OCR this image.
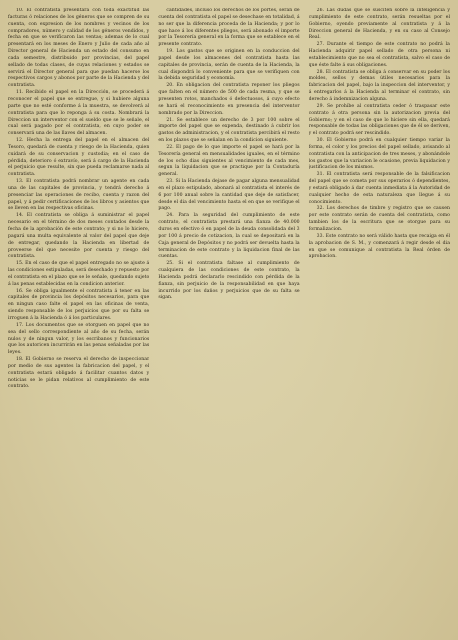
10. El contratista presentará con toda exactitud las facturas ó relaciones de los géneros que se compren de su cuenta, con expresion de los nombres y vecinos de los compradores, número y calidad de los géneros vendidos, y fecha en que se verificaron las ventas; ademas de lo cual presentará en los meses de Enero y Julio de cada año al Director general de Hacienda un estado del consumo en cada semestre, distribuido por provincias, del papel sellado de todas clases, de cuyas relaciones y estados se servirá el Director general para que puedan hacerse los respectivos cargos y abonos por parte de la Hacienda y del contratista.

11. Recibido el papel en la Dirección, se procederá á reconocer el papel que se entregue, y si hubiere alguna parte que no esté conforme á la muestra, se devolverá al contratista para que lo reponga á su costa. Nombrará la Direccion un interventor con el sueldo que se le señale, el cual será pagado por el contratista, en cuyo poder se conservará una de las llaves del almacen.

12. Hecha la entrega del papel en el almacen del Tesoro, quedará de cuenta y riesgo de la Hacienda, quien cuidará de su conservacion y custodia; en el caso de pérdida, deterioro ó extravío, será á cargo de la Hacienda el perjuicio que resulte, sin que pueda reclamarse nada al contratista.

13. El contratista podrá nombrar un agente en cada una de las capitales de provincia, y tendrá derecho á presenciar las operaciones de recibo, cuenta y razon del papel, y á pedir certificaciones de los libros y asientos que se lleven en las respectivas oficinas.

14. El contratista se obliga á suministrar el papel necesario en el término de dos meses contados desde la fecha de la aprobación de este contrato; y si no lo hiciere, pagará una multa equivalente al valor del papel que deje de entregar, quedando la Hacienda en libertad de proveerse del que necesite por cuenta y riesgo del contratista.

15. En el caso de que el papel entregado no se ajuste á las condiciones estipuladas, será desechado y repuesto por el contratista en el plazo que se le señale, quedando sujeto á las penas establecidas en la condicion anterior.

16. Se obliga igualmente el contratista á tener en las capitales de provincia los depósitos necesarios, para que en ningun caso falte el papel en las oficinas de venta, siendo responsable de los perjuicios que por su falta se irroguen á la Hacienda ó á los particulares.

17. Los documentos que se otorguen en papel que no sea del sello correspondiente al año de su fecha, serán nulos y de ningun valor, y los escribanos y funcionarios que los autoricen incurrirán en las penas señaladas por las leyes.

18. El Gobierno se reserva el derecho de inspeccionar por medio de sus agentes la fabricacion del papel, y el contratista estará obligado á facilitar cuantos datos y noticias se le pidan relativos al cumplimiento de este contrato.

cantidades, incluso los derechos de los portes, serán de cuenta del contratista el papel se desechase en totalidad, á no ser que la diferencia proceda de la Hacienda; y por lo que hace á los diferentes pliegos, será abonado el importe por la Tesorería general en la forma que se establece en el presente contrato.

19. Los gastos que se originen en la conduccion del papel desde los almacenes del contratista hasta las capitales de provincia, serán de cuenta de la Hacienda, la cual dispondrá lo conveniente para que se verifiquen con la debida seguridad y economía.

20. En obligacion del contratista reponer los pliegos que falten en el número de 500 de cada resma, y que se presenten rotos, manchados ó defectuosos, á cuyo efecto se hará el reconocimiento en presencia del interventor nombrado por la Direccion.

21. Se establece un derecho de 3 por 100 sobre el importe del papel que se expenda, destinado á cubrir los gastos de administracion, y el contratista percibirá el resto en los plazos que se señalan en la condicion siguiente.

22. El pago de lo que importe el papel se hará por la Tesorería general en mensualidades iguales, en el término de los ocho dias siguientes al vencimiento de cada mes, segun la liquidacion que se practique por la Contaduría general.

23. Si la Hacienda dejase de pagar alguna mensualidad en el plazo estipulado, abonará al contratista el interés de 6 por 100 anual sobre la cantidad que deje de satisfacer, desde el dia del vencimiento hasta el en que se verifique el pago.

24. Para la seguridad del cumplimiento de este contrato, el contratista prestará una fianza de 40.000 duros en efectivo ó en papel de la deuda consolidada del 3 por 100 á precio de cotizacion, la cual se depositará en la Caja general de Depósitos y no podrá ser devuelta hasta la terminacion de este contrato y la liquidacion final de las cuentas.

25. Si el contratista faltase al cumplimiento de cualquiera de las condiciones de este contrato, la Hacienda podrá declararlo rescindido con pérdida de la fianza, sin perjuicio de la responsabilidad en que haya incurrido por los daños y perjuicios que de su falta se sigan.

26. Las dudas que se susciten sobre la inteligencia y cumplimiento de este contrato, serán resueltas por el Gobierno, oyendo previamente al contratista y á la Direccion general de Hacienda, y en su caso al Consejo Real.

27. Durante el tiempo de este contrato no podrá la Hacienda adquirir papel sellado de otra persona ni establecimiento que no sea el contratista, salvo el caso de que éste falte á sus obligaciones.

28. El contratista se obliga á conservar en su poder los moldes, sellos y demas útiles necesarios para la fabricacion del papel, bajo la inspeccion del interventor, y á entregarlos á la Hacienda al terminar el contrato, sin derecho á indemnizacion alguna.

29. Se prohíbe al contratista ceder ó traspasar este contrato á otra persona sin la autorizacion previa del Gobierno; y en el caso de que lo hiciere sin ella, quedará responsable de todas las obligaciones que de él se deriven, y el contrato podrá ser rescindido.

30. El Gobierno podrá en cualquier tiempo variar la forma, el color y los precios del papel sellado, avisando al contratista con la anticipacion de tres meses, y abonándole los gastos que la variacion le ocasione, previa liquidacion y justificacion de los mismos.

31. El contratista será responsable de la falsificacion del papel que se cometa por sus operarios ó dependientes, y estará obligado á dar cuenta inmediata á la Autoridad de cualquier hecho de esta naturaleza que llegue á su conocimiento.

32. Los derechos de timbre y registro que se causen por este contrato serán de cuenta del contratista, como tambien los de la escritura que se otorgue para su formalizacion.

33. Este contrato no será válido hasta que recaiga en él la aprobacion de S. M., y comenzará á regir desde el dia en que se comunique al contratista la Real órden de aprobacion.
